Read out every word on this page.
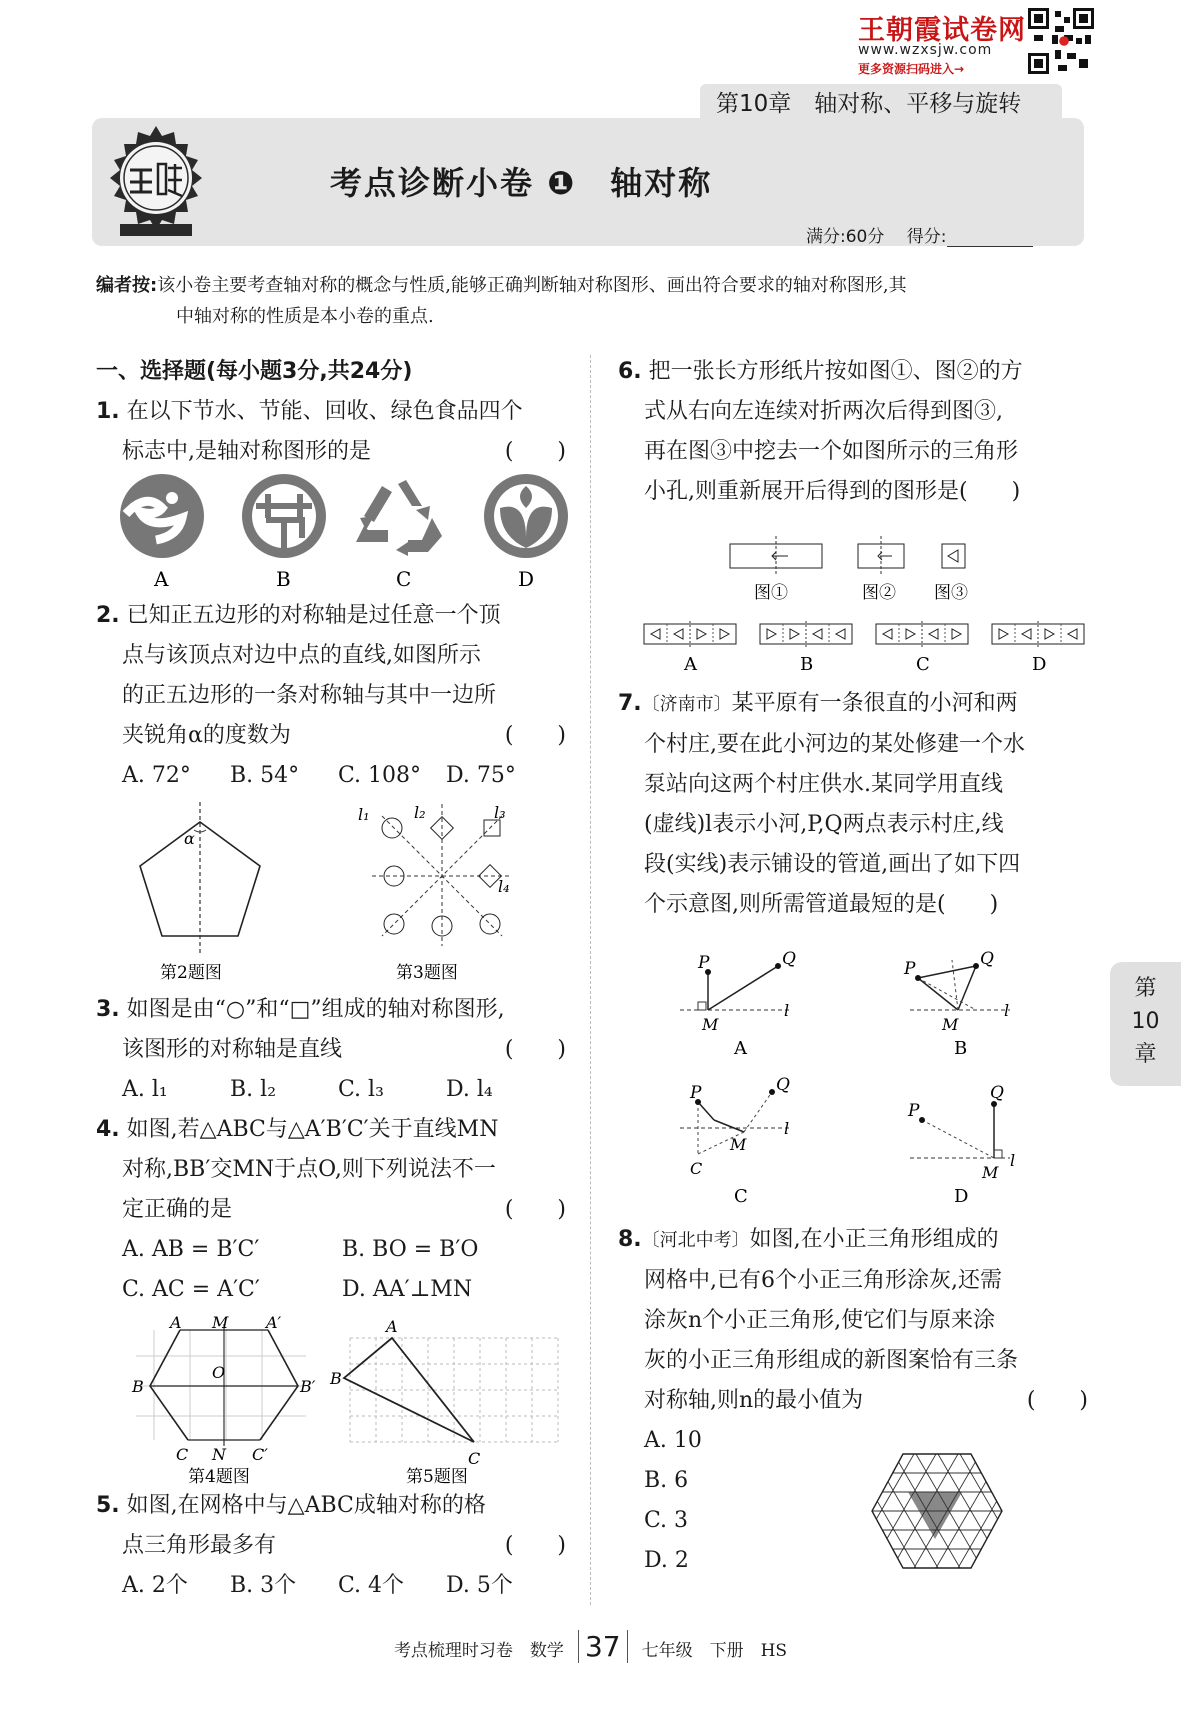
王朝霞试卷网
www.wzxsjw.com
更多资源扫码进入→
第10章　轴对称、平移与旋转
考点诊断小卷 ❶　轴对称
满分:60分　 得分:
编者按:该小卷主要考查轴对称的概念与性质,能够正确判断轴对称图形、画出符合要求的轴对称图形,其
中轴对称的性质是本小卷的重点.
一、选择题(每小题3分,共24分)
1. 在以下节水、节能、回收、绿色食品四个
标志中,是轴对称图形的是	(　　)
A	B	C	D
2. 已知正五边形的对称轴是过任意一个顶
点与该顶点对边中点的直线,如图所示
的正五边形的一条对称轴与其中一边所
夹锐角α的度数为	(　　)
A. 72° B. 54° C. 108° D. 75°
α
第2题图
l₁	l₂	l₃
l₄
第3题图
3. 如图是由“○”和“□”组成的轴对称图形,
该图形的对称轴是直线	(　　)
A. l₁	B. l₂	C. l₃	D. l₄
4. 如图,若△ABC与△A′B′C′关于直线MN
对称,BB′交MN于点O,则下列说法不一
定正确的是	(　　)
A. AB = B′C′	B. BO = B′O
C. AC = A′C′	D. AA′⊥MN
A M A′
B
O
B′
C N C′
第4题图
A
B
C
第5题图
5. 如图,在网格中与△ABC成轴对称的格
点三角形最多有	(　　)
A. 2个 B. 3个 C. 4个 D. 5个
6. 把一张长方形纸片按如图①、图②的方
式从右向左连续对折两次后得到图③,
再在图③中挖去一个如图所示的三角形
小孔,则重新展开后得到的图形是(　　)
图①	图② 图③
A	B	C	D
7.〔济南市〕某平原有一条很直的小河和两
个村庄,要在此小河边的某处修建一个水
泵站向这两个村庄供水.某同学用直线
(虚线)l表示小河,P,Q两点表示村庄,线
段(实线)表示铺设的管道,画出了如下四
个示意图,则所需管道最短的是(　　)
P	Q
M
l
A
P	Q
M
l
B
P	Q
M
l
C
C
P
Q
M
l
D
8.〔河北中考〕如图,在小正三角形组成的
网格中,已有6个小正三角形涂灰,还需
涂灰n个小正三角形,使它们与原来涂
灰的小正三角形组成的新图案恰有三条
对称轴,则n的最小值为	(　　)
A. 10
B. 6
C. 3
D. 2
第
10
章
考点梳理时习卷　数学 37 七年级　下册　HS
